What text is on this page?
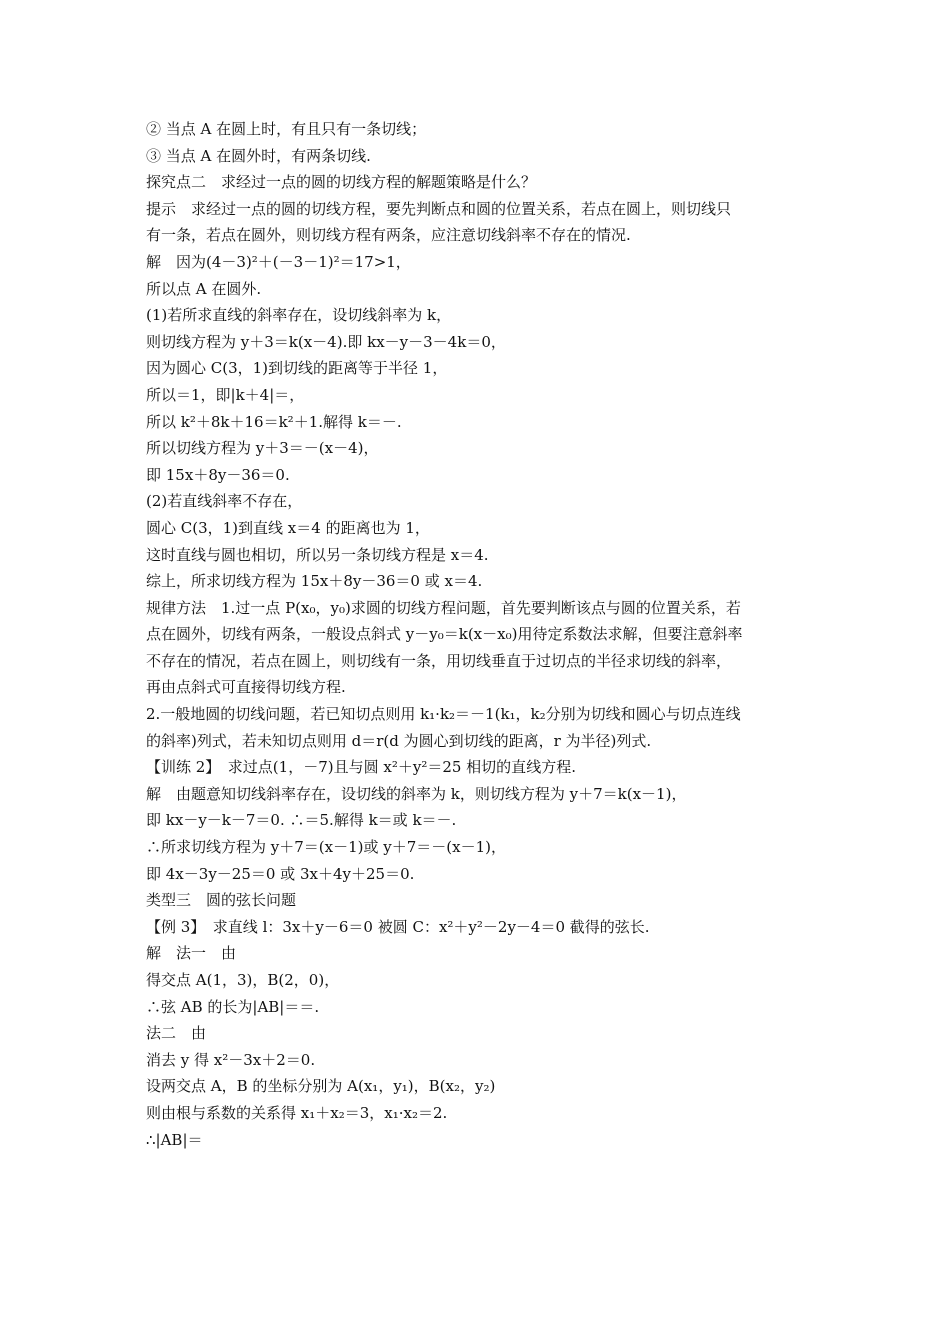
② 当点 A 在圆上时，有且只有一条切线；

③ 当点 A 在圆外时，有两条切线.

探究点二　求经过一点的圆的切线方程的解题策略是什么？

提示　求经过一点的圆的切线方程，要先判断点和圆的位置关系，若点在圆上，则切线只

有一条，若点在圆外，则切线方程有两条，应注意切线斜率不存在的情况.

解　因为(4－3)²＋(－3－1)²＝17>1，

所以点 A 在圆外.

(1)若所求直线的斜率存在，设切线斜率为 k，

则切线方程为 y＋3＝k(x－4).即 kx－y－3－4k＝0，

因为圆心 C(3，1)到切线的距离等于半径 1，

所以＝1，即|k＋4|＝，

所以 k²＋8k＋16＝k²＋1.解得 k＝－.

所以切线方程为 y＋3＝－(x－4)，

即 15x＋8y－36＝0.

(2)若直线斜率不存在，

圆心 C(3，1)到直线 x＝4 的距离也为 1，

这时直线与圆也相切，所以另一条切线方程是 x＝4.

综上，所求切线方程为 15x＋8y－36＝0 或 x＝4.

规律方法　1.过一点 P(x₀，y₀)求圆的切线方程问题，首先要判断该点与圆的位置关系，若

点在圆外，切线有两条，一般设点斜式 y－y₀＝k(x－x₀)用待定系数法求解，但要注意斜率

不存在的情况，若点在圆上，则切线有一条，用切线垂直于过切点的半径求切线的斜率，

再由点斜式可直接得切线方程.

2.一般地圆的切线问题，若已知切点则用 k₁·k₂＝－1(k₁，k₂分别为切线和圆心与切点连线

的斜率)列式，若未知切点则用 d＝r(d 为圆心到切线的距离，r 为半径)列式.

【训练 2】　求过点(1，－7)且与圆 x²＋y²＝25 相切的直线方程.

解　由题意知切线斜率存在，设切线的斜率为 k，则切线方程为 y＋7＝k(x－1)，

即 kx－y－k－7＝0. ∴＝5.解得 k＝或 k＝－.

∴所求切线方程为 y＋7＝(x－1)或 y＋7＝－(x－1)，

即 4x－3y－25＝0 或 3x＋4y＋25＝0.

类型三　圆的弦长问题

【例 3】　求直线 l：3x＋y－6＝0 被圆 C：x²＋y²－2y－4＝0 截得的弦长.

解　法一　由

得交点 A(1，3)，B(2，0)，

∴弦 AB 的长为|AB|＝＝.

法二　由

消去 y 得 x²－3x＋2＝0.

设两交点 A，B 的坐标分别为 A(x₁，y₁)，B(x₂，y₂)

则由根与系数的关系得 x₁＋x₂＝3，x₁·x₂＝2.

∴|AB|＝
